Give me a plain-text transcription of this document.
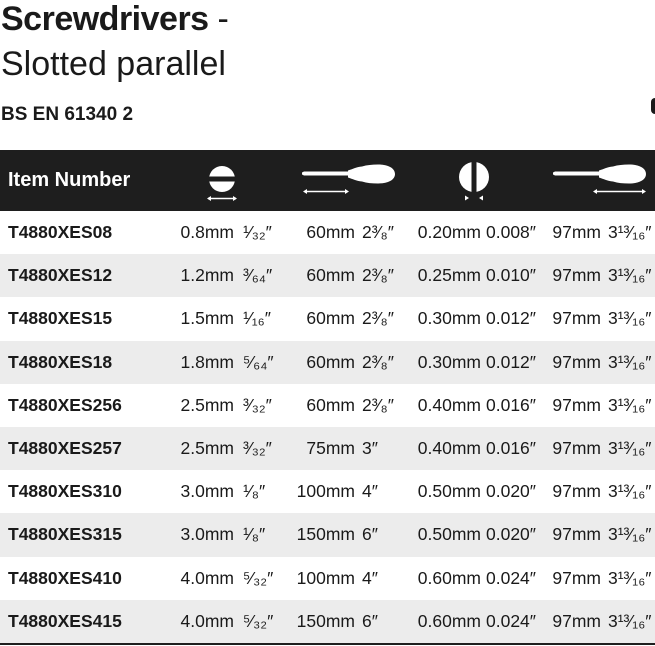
Screwdrivers -
Slotted parallel
BS EN 61340 2
Item Number
T4880XES08	0.8mm ¹⁄₃₂″	60mm 2³⁄₈″	0.20mm 0.008″ 97mm 3¹³⁄₁₆″
T4880XES12	1.2mm ³⁄₆₄″	60mm 2³⁄₈″	0.25mm 0.010″ 97mm 3¹³⁄₁₆″
T4880XES15	1.5mm ¹⁄₁₆″	60mm 2³⁄₈″	0.30mm 0.012″ 97mm 3¹³⁄₁₆″
T4880XES18	1.8mm ⁵⁄₆₄″	60mm 2³⁄₈″	0.30mm 0.012″ 97mm 3¹³⁄₁₆″
T4880XES256	2.5mm ³⁄₃₂″	60mm 2³⁄₈″	0.40mm 0.016″ 97mm 3¹³⁄₁₆″
T4880XES257	2.5mm ³⁄₃₂″	75mm 3″	0.40mm 0.016″ 97mm 3¹³⁄₁₆″
T4880XES310	3.0mm ¹⁄₈″	100mm 4″	0.50mm 0.020″ 97mm 3¹³⁄₁₆″
T4880XES315	3.0mm ¹⁄₈″	150mm 6″	0.50mm 0.020″ 97mm 3¹³⁄₁₆″
T4880XES410	4.0mm ⁵⁄₃₂″	100mm 4″	0.60mm 0.024″ 97mm 3¹³⁄₁₆″
T4880XES415	4.0mm ⁵⁄₃₂″	150mm 6″	0.60mm 0.024″ 97mm 3¹³⁄₁₆″
